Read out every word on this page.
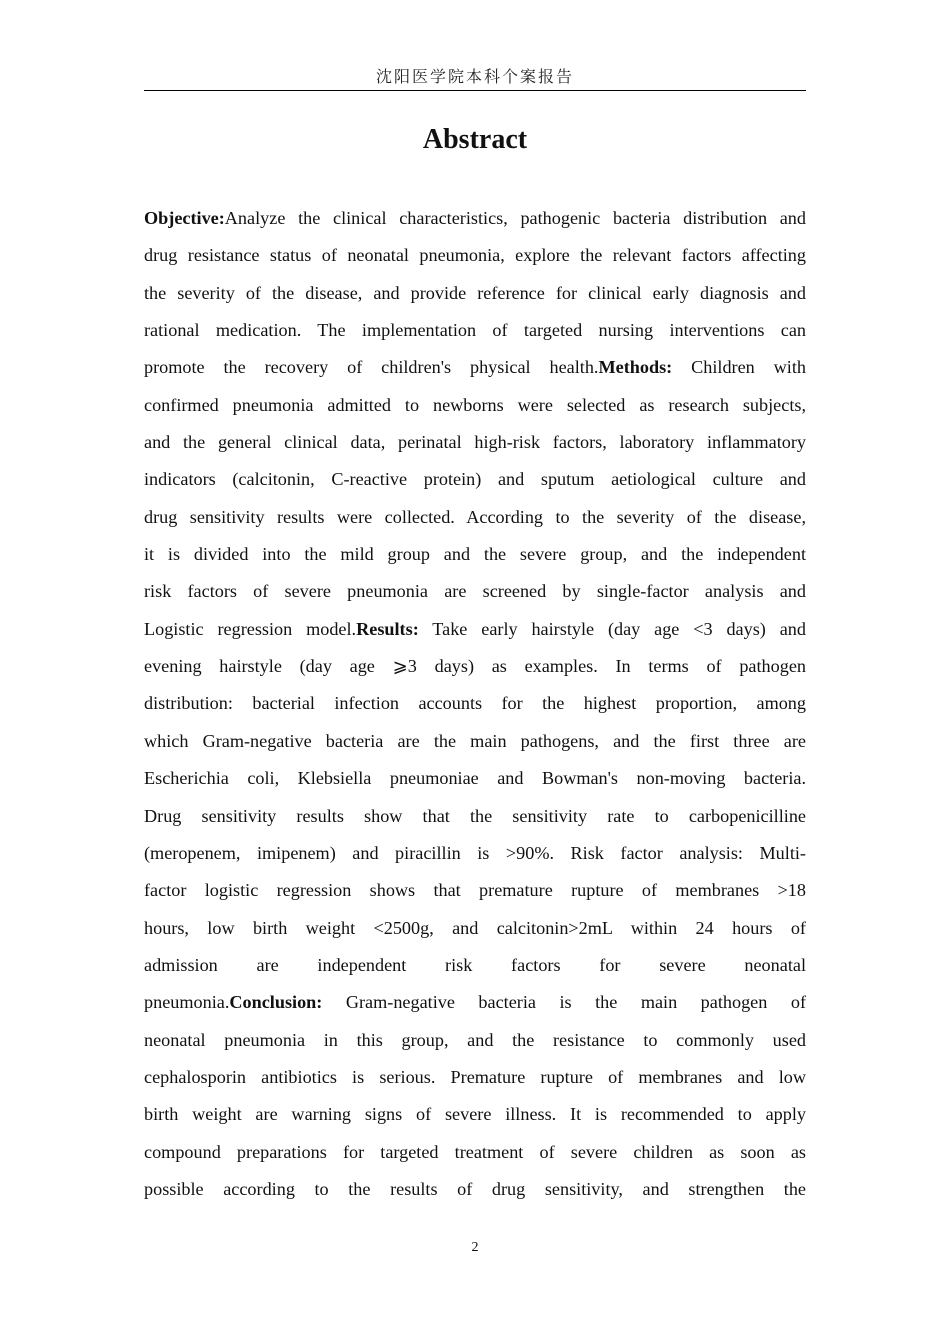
沈阳医学院本科个案报告
Abstract
Objective:Analyze the clinical characteristics, pathogenic bacteria distribution and
drug resistance status of neonatal pneumonia, explore the relevant factors affecting
the severity of the disease, and provide reference for clinical early diagnosis and
rational medication. The implementation of targeted nursing interventions can
promote the recovery of children's physical health.Methods: Children with
confirmed pneumonia admitted to newborns were selected as research subjects,
and the general clinical data, perinatal high-risk factors, laboratory inflammatory
indicators (calcitonin, C-reactive protein) and sputum aetiological culture and
drug sensitivity results were collected. According to the severity of the disease,
it is divided into the mild group and the severe group, and the independent
risk factors of severe pneumonia are screened by single-factor analysis and
Logistic regression model.Results: Take early hairstyle (day age <3 days) and
evening hairstyle (day age ⩾3 days) as examples. In terms of pathogen
distribution: bacterial infection accounts for the highest proportion, among
which Gram-negative bacteria are the main pathogens, and the first three are
Escherichia coli, Klebsiella pneumoniae and Bowman's non-moving bacteria.
Drug sensitivity results show that the sensitivity rate to carbopenicilline
(meropenem, imipenem) and piracillin is >90%. Risk factor analysis: Multi-
factor logistic regression shows that premature rupture of membranes >18
hours, low birth weight <2500g, and calcitonin>2mL within 24 hours of
admission are independent risk factors for severe neonatal
pneumonia.Conclusion: Gram-negative bacteria is the main pathogen of
neonatal pneumonia in this group, and the resistance to commonly used
cephalosporin antibiotics is serious. Premature rupture of membranes and low
birth weight are warning signs of severe illness. It is recommended to apply
compound preparations for targeted treatment of severe children as soon as
possible according to the results of drug sensitivity, and strengthen the
2
